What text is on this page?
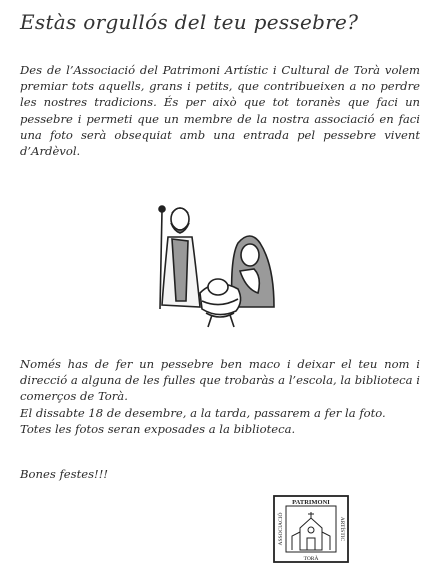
Estàs orgullós del teu pessebre?
Des de l’Associació del Patrimoni Artístic i Cultural de Torà volem premiar tots aquells, grans i petits, que contribueixen a no perdre les nostres tradicions. És per això que tot toranès que faci un pessebre i permeti que un membre de la nostra associació en faci una foto serà obsequiat amb una entrada pel pessebre vivent d’Ardèvol.
Només has de fer un pessebre ben maco i deixar el teu nom i direcció a alguna de les fulles que trobaràs a l’escola, la biblioteca i comerços de Torà.
El dissabte 18 de desembre, a la tarda, passarem a fer la foto.
Totes les fotos seran exposades a la biblioteca.
Bones festes!!!
PATRIMONI
ASSOCIACIÓ	ARTÍSTIC
TORÀ
